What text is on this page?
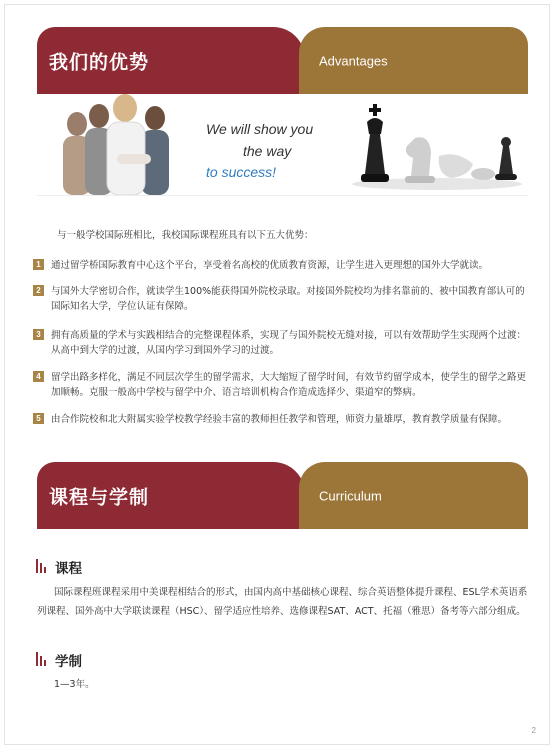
我们的优势	Advantages
We will show you
the way
to success!
与一般学校国际班相比，我校国际课程班具有以下五大优势：
1	通过留学桥国际教育中心这个平台，享受着名高校的优质教育资源，让学生进入更理想的国外大学就读。
2	与国外大学密切合作，就读学生100%能获得国外院校录取。对接国外院校均为排名靠前的、被中国教育部认可的国际知名大学，学位认证有保障。
3	拥有高质量的学术与实践相结合的完整课程体系，实现了与国外院校无缝对接，可以有效帮助学生实现两个过渡：从高中到大学的过渡，从国内学习到国外学习的过渡。
4	留学出路多样化，满足不同层次学生的留学需求，大大缩短了留学时间，有效节约留学成本，使学生的留学之路更加顺畅。克服一般高中学校与留学中介、语言培训机构合作造成选择少、渠道窄的弊病。
5	由合作院校和北大附属实验学校教学经验丰富的教师担任教学和管理，师资力量雄厚，教育教学质量有保障。
课程与学制	Curriculum
课程
国际课程班课程采用中美课程相结合的形式，由国内高中基础核心课程、综合英语整体提升课程、ESL学术英语系列课程、国外高中大学联读课程（HSC）、留学适应性培养、选修课程SAT、ACT、托福（雅思）备考等六部分组成。
学制
1—3年。
2
